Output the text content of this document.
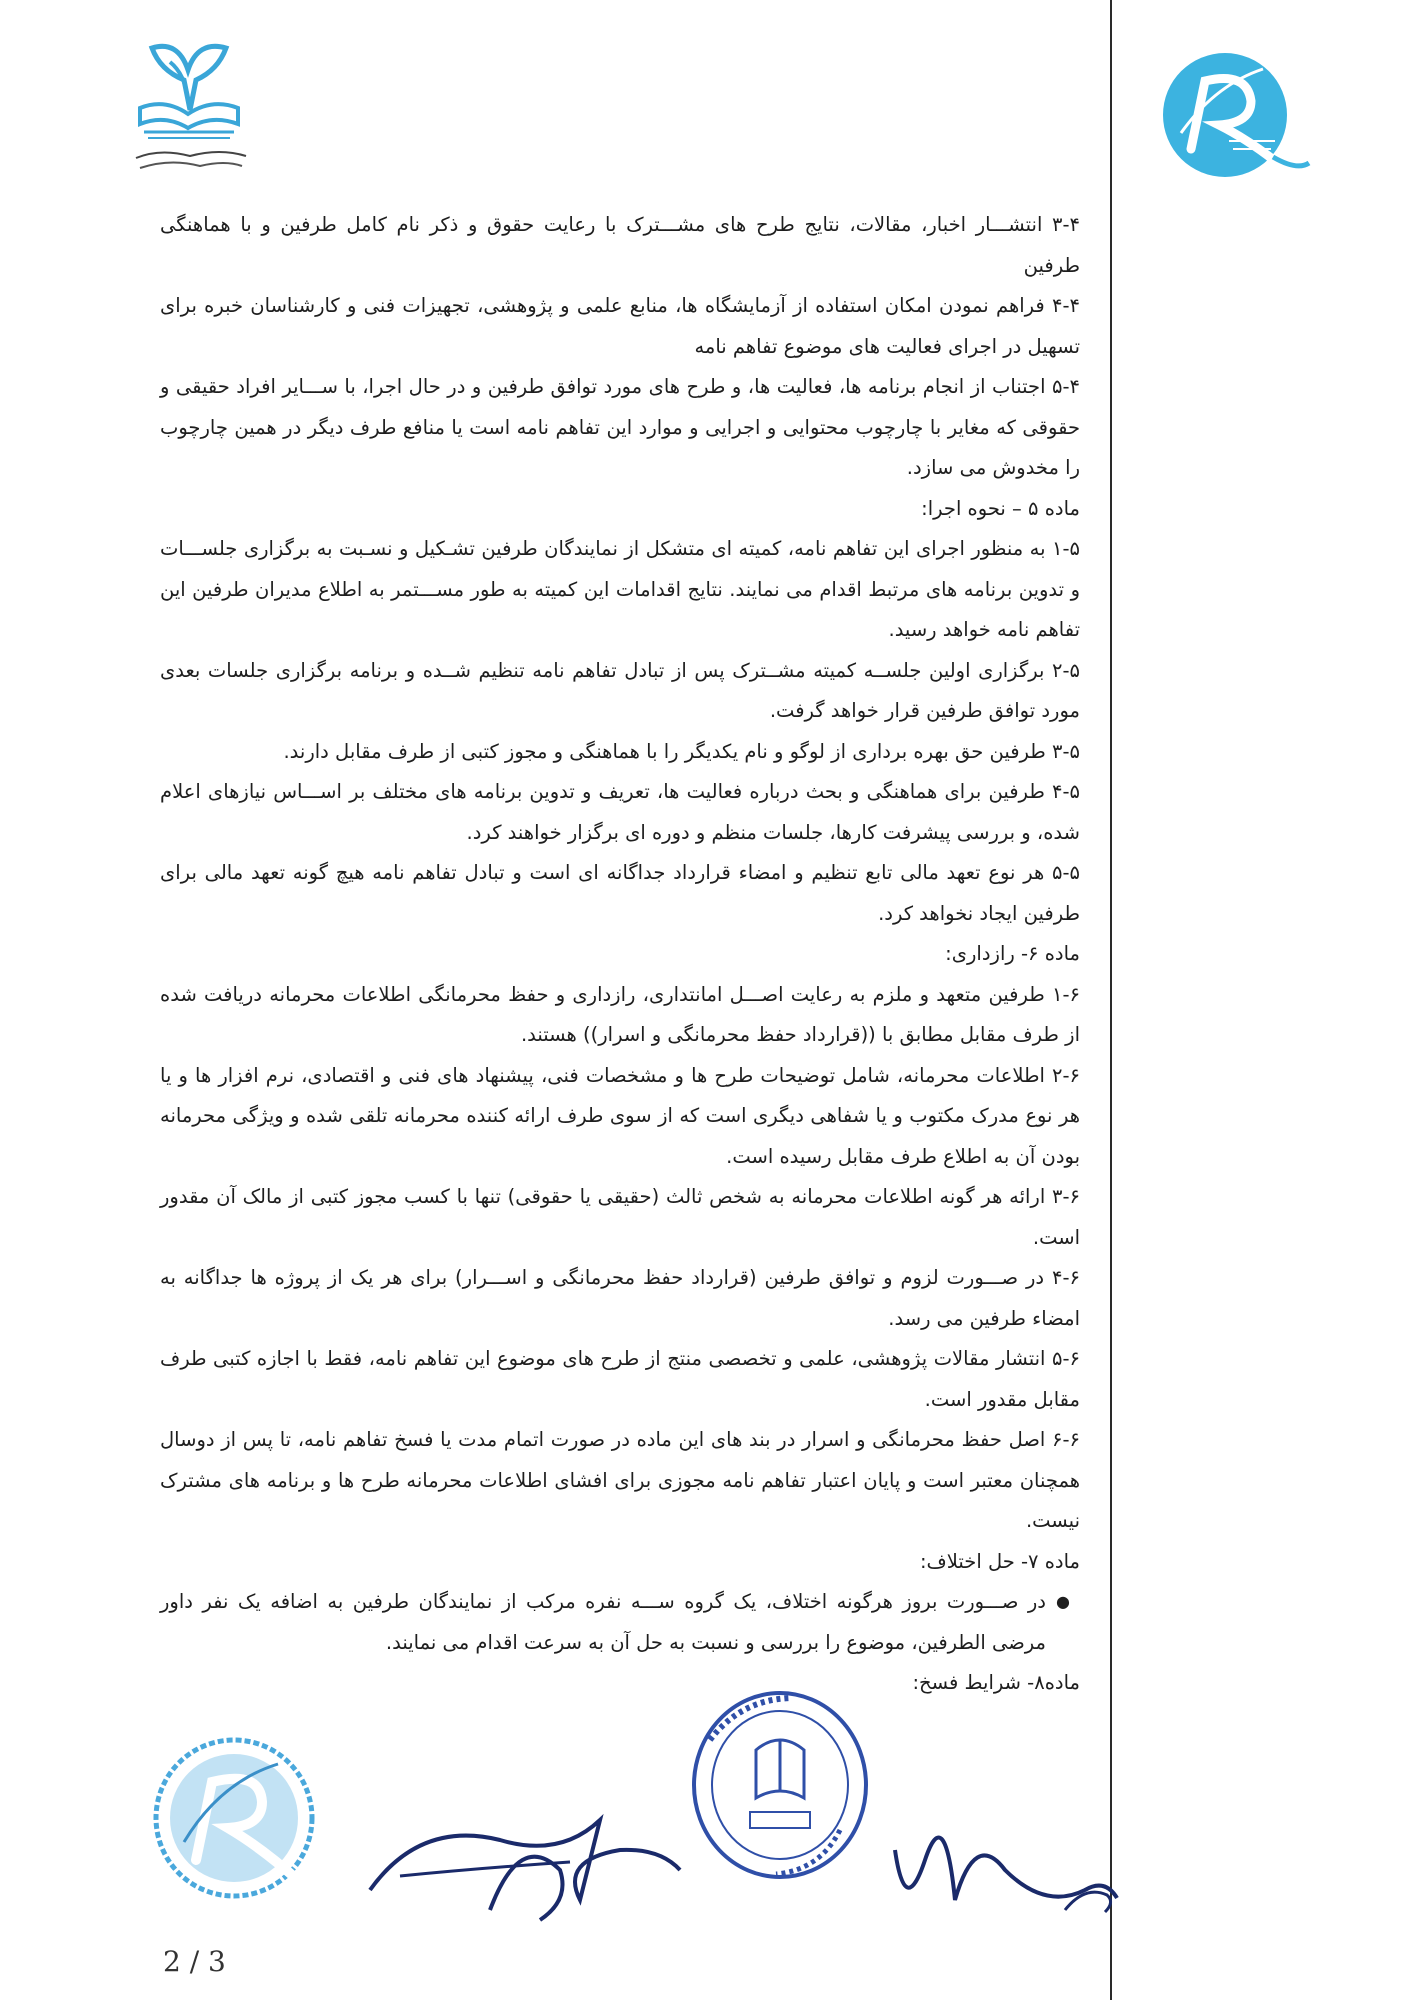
۳-۴ انتشـــار اخبار، مقالات، نتایج طرح های مشـــترک با رعایت حقوق و ذکر نام کامل طرفین و با هماهنگی طرفین

۴-۴ فراهم نمودن امکان استفاده از آزمایشگاه ها، منابع علمی و پژوهشی، تجهیزات فنی و کارشناسان خبره برای تسهیل در اجرای فعالیت های موضوع تفاهم نامه

۵-۴ اجتناب از انجام برنامه ها، فعالیت ها، و طرح های مورد توافق طرفین و در حال اجرا، با ســـایر افراد حقیقی و حقوقی که مغایر با چارچوب محتوایی و اجرایی و موارد این تفاهم نامه است یا منافع طرف دیگر در همین چارچوب را مخدوش می سازد.

ماده ۵ – نحوه اجرا:

۱-۵ به منظور اجرای این تفاهم نامه، کمیته ای متشکل از نمایندگان طرفین تشـکیل و نسـبت به برگزاری جلســـات و تدوین برنامه های مرتبط اقدام می نمایند. نتایج اقدامات این کمیته به طور مســـتمر به اطلاع مدیران طرفین این تفاهم نامه خواهد رسید.

۲-۵ برگزاری اولین جلســه کمیته مشــترک پس از تبادل تفاهم نامه تنظیم شــده و برنامه برگزاری جلسات بعدی مورد توافق طرفین قرار خواهد گرفت.

۳-۵ طرفین حق بهره برداری از لوگو و نام یکدیگر را با هماهنگی و مجوز کتبی از طرف مقابل دارند.

۴-۵ طرفین برای هماهنگی و بحث درباره فعالیت ها، تعریف و تدوین برنامه های مختلف بر اســـاس نیازهای اعلام شده، و بررسی پیشرفت کارها، جلسات منظم و دوره ای برگزار خواهند کرد.

۵-۵ هر نوع تعهد مالی تابع تنظیم و امضاء قرارداد جداگانه ای است و تبادل تفاهم نامه هیچ گونه تعهد مالی برای طرفین ایجاد نخواهد کرد.

ماده ۶- رازداری:

۱-۶ طرفین متعهد و ملزم به رعایت اصـــل امانتداری، رازداری و حفظ محرمانگی اطلاعات محرمانه دریافت شده از طرف مقابل مطابق با ((قرارداد حفظ محرمانگی و اسرار)) هستند.

۲-۶ اطلاعات محرمانه، شامل توضیحات طرح ها و مشخصات فنی، پیشنهاد های فنی و اقتصادی، نرم افزار ها و یا هر نوع مدرک مکتوب و یا شفاهی دیگری است که از سوی طرف ارائه کننده محرمانه تلقی شده و ویژگی محرمانه بودن آن به اطلاع طرف مقابل رسیده است.

۳-۶ ارائه هر گونه اطلاعات محرمانه به شخص ثالث (حقیقی یا حقوقی) تنها با کسب مجوز کتبی از مالک آن مقدور است.

۴-۶ در صـــورت لزوم و توافق طرفین (قرارداد حفظ محرمانگی و اســـرار) برای هر یک از پروژه ها جداگانه به امضاء طرفین می رسد.

۵-۶ انتشار مقالات پژوهشی، علمی و تخصصی منتج از طرح های موضوع این تفاهم نامه، فقط با اجازه کتبی طرف مقابل مقدور است.

۶-۶ اصل حفظ محرمانگی و اسرار در بند های این ماده در صورت اتمام مدت یا فسخ تفاهم نامه، تا پس از دوسال همچنان معتبر است و پایان اعتبار تفاهم نامه مجوزی برای افشای اطلاعات محرمانه طرح ها و برنامه های مشترک نیست.

ماده ۷- حل اختلاف:

●
در صـــورت بروز هرگونه اختلاف، یک گروه ســـه نفره مرکب از نمایندگان طرفین به اضافه یک نفر داور مرضی الطرفین، موضوع را بررسی و نسبت به حل آن به سرعت اقدام می نمایند.

ماده۸- شرایط فسخ:

2 / 3
